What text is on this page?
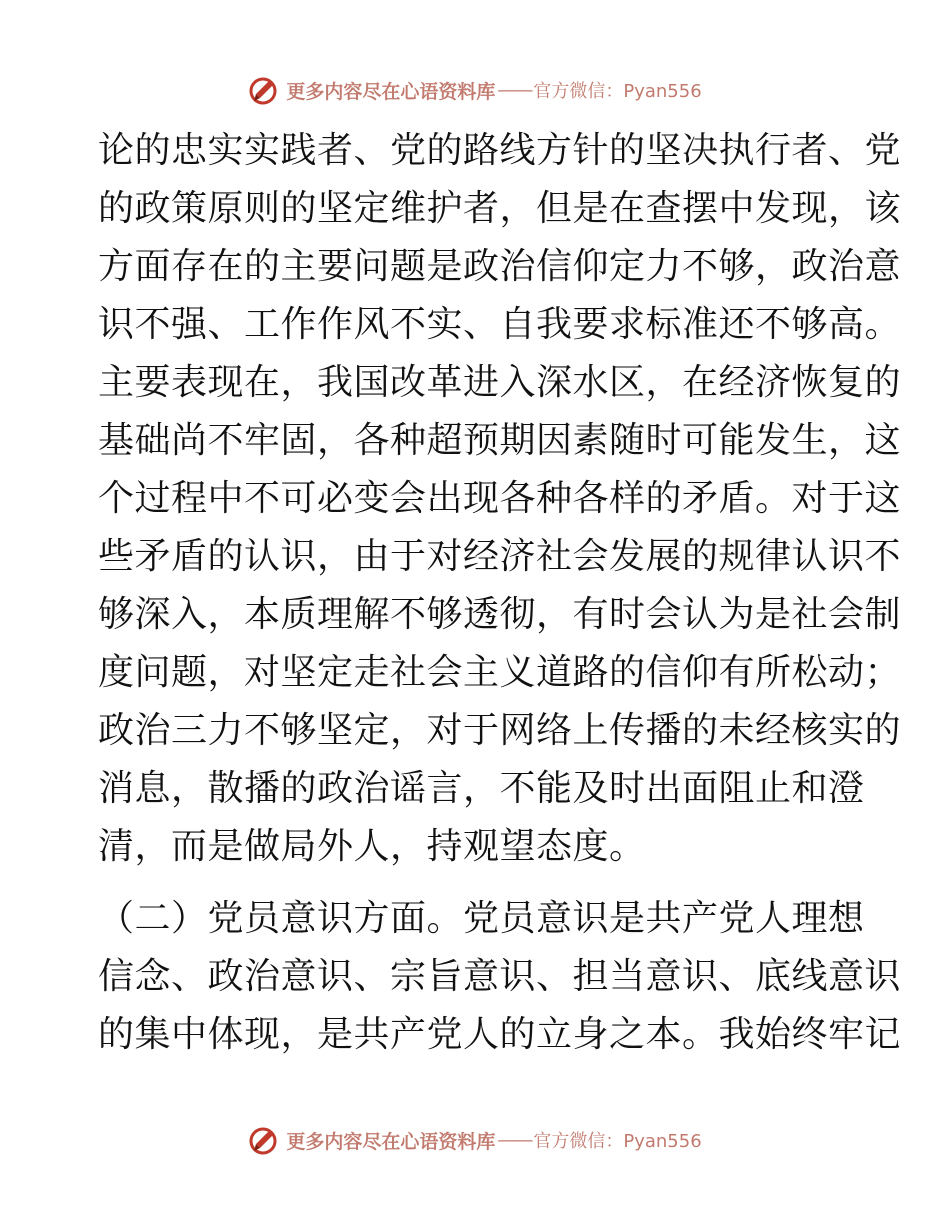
更多内容尽在心语资料库 —— 官方微信：Pyan556
论的忠实实践者、党的路线方针的坚决执行者、党
的政策原则的坚定维护者，但是在查摆中发现，该
方面存在的主要问题是政治信仰定力不够，政治意
识不强、工作作风不实、自我要求标准还不够高。
主要表现在，我国改革进入深水区，在经济恢复的
基础尚不牢固，各种超预期因素随时可能发生，这
个过程中不可必变会出现各种各样的矛盾。对于这
些矛盾的认识，由于对经济社会发展的规律认识不
够深入，本质理解不够透彻，有时会认为是社会制
度问题，对坚定走社会主义道路的信仰有所松动；
政治三力不够坚定，对于网络上传播的未经核实的
消息，散播的政治谣言，不能及时出面阻止和澄
清，而是做局外人，持观望态度。
（二）党员意识方面。党员意识是共产党人理想
信念、政治意识、宗旨意识、担当意识、底线意识
的集中体现，是共产党人的立身之本。我始终牢记
更多内容尽在心语资料库 —— 官方微信：Pyan556
